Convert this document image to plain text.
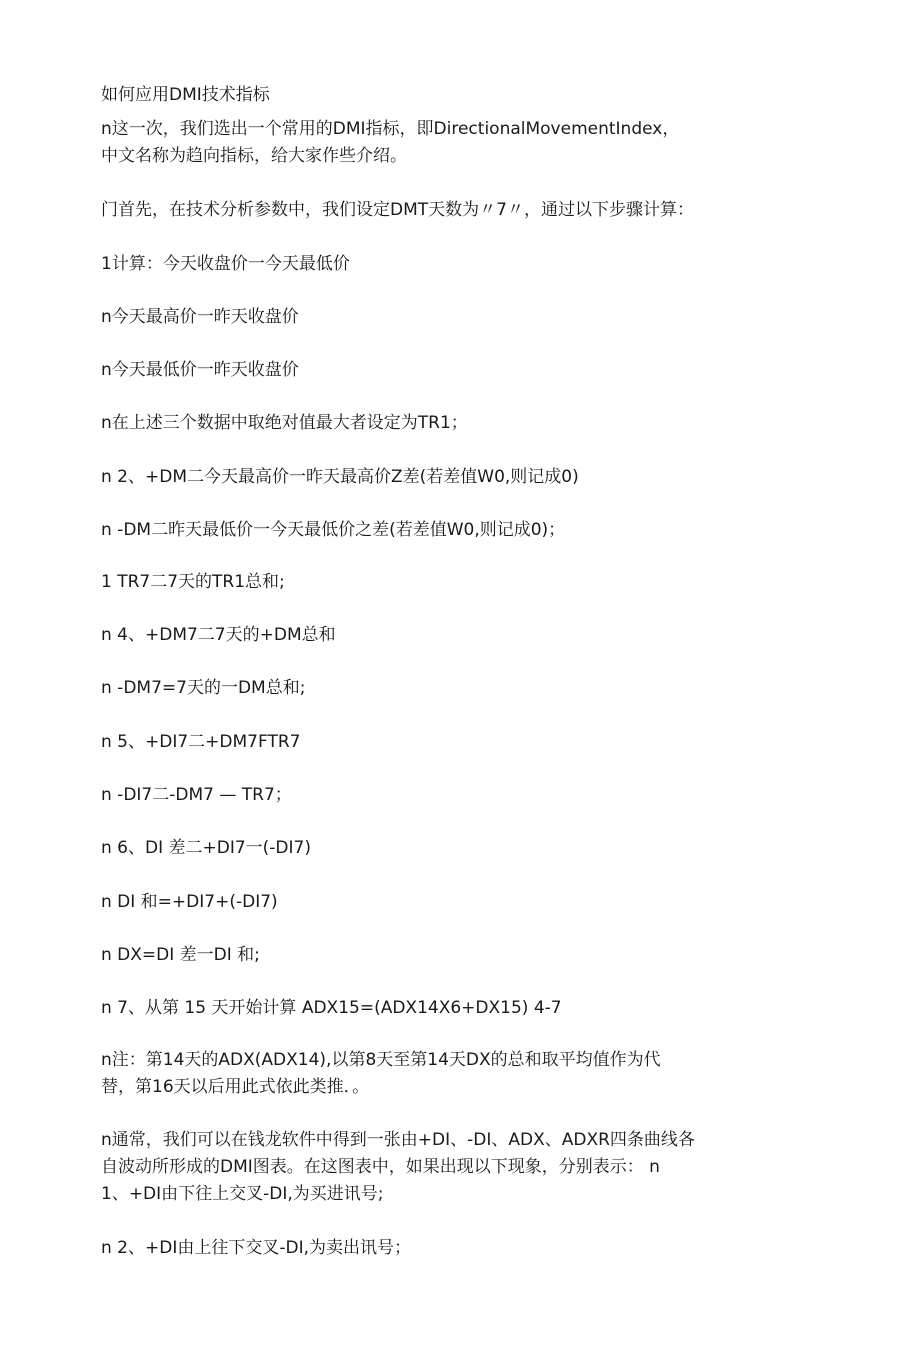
如何应用DMI技术指标
n这一次，我们选出一个常用的DMI指标，即DirectionalMovementIndex，
中文名称为趋向指标，给大家作些介绍。
门首先，在技术分析参数中，我们设定DMT天数为〃7〃，通过以下步骤计算：
1计算：今天收盘价一今天最低价
n今天最高价一昨天收盘价
n今天最低价一昨天收盘价
n在上述三个数据中取绝对值最大者设定为TR1；
n 2、+DM二今天最高价一昨天最高价Z差(若差值W0,则记成0)
n -DM二昨天最低价一今天最低价之差(若差值W0,则记成0)；
1 TR7二7天的TR1总和;
n 4、+DM7二7天的+DM总和
n -DM7=7天的一DM总和;
n 5、+DI7二+DM7FTR7
n -DI7二-DM7 — TR7；
n 6、DI 差二+DI7一(-DI7)
n DI 和=+DI7+(-DI7)
n DX=DI 差一DI 和;
n 7、从第 15 天开始计算 ADX15=(ADX14X6+DX15) 4-7
n注：第14天的ADX(ADX14),以第8天至第14天DX的总和取平均值作为代
替，第16天以后用此式依此类推．。
n通常，我们可以在钱龙软件中得到一张由+DI、-DI、ADX、ADXR四条曲线各
自波动所形成的DMI图表。在这图表中，如果出现以下现象，分别表示： n
1、+DI由下往上交叉-DI,为买进讯号;
n 2、+DI由上往下交叉-DI,为卖出讯号；
